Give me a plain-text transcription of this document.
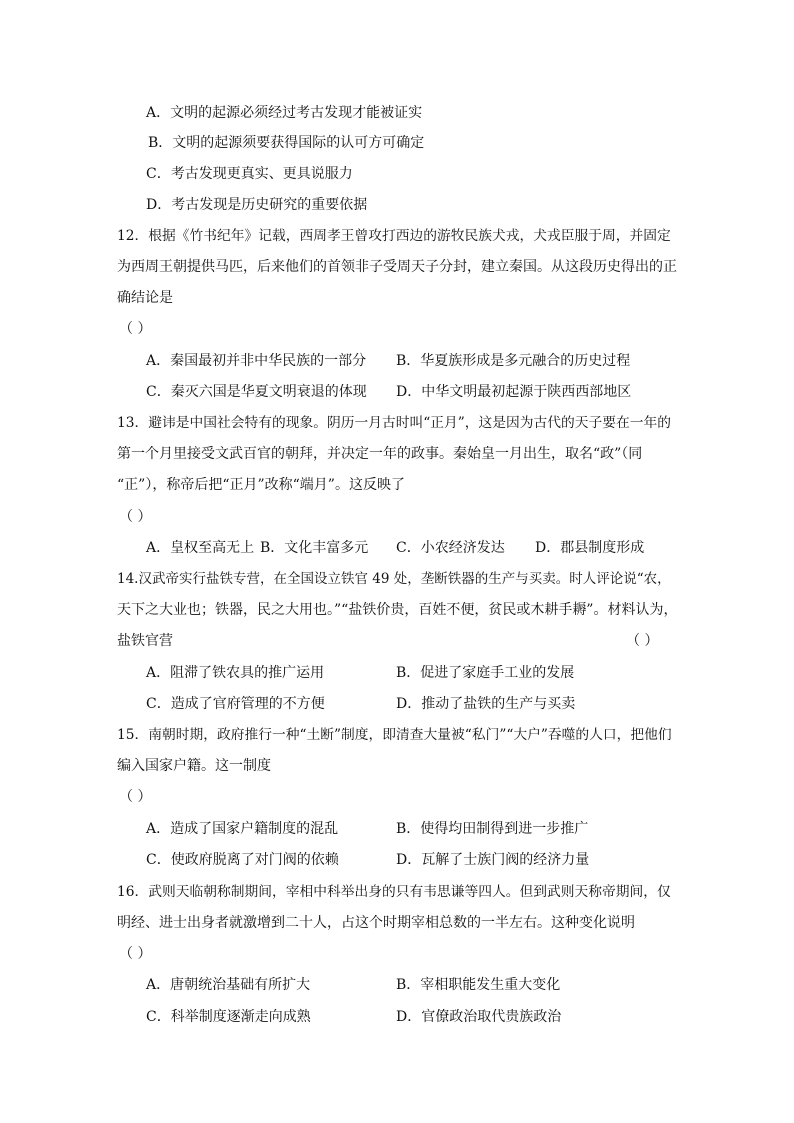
A．文明的起源必须经过考古发现才能被证实
B．文明的起源须要获得国际的认可方可确定
C．考古发现更真实、更具说服力
D．考古发现是历史研究的重要依据
12．根据《竹书纪年》记载，西周孝王曾攻打西边的游牧民族犬戎，犬戎臣服于周，并固定
为西周王朝提供马匹，后来他们的首领非子受周天子分封，建立秦国。从这段历史得出的正
确结论是
（ ）
A．秦国最初并非中华民族的一部分 B．华夏族形成是多元融合的历史过程
C．秦灭六国是华夏文明衰退的体现 D．中华文明最初起源于陕西西部地区
13．避讳是中国社会特有的现象。阴历一月古时叫“正月”，这是因为古代的天子要在一年的
第一个月里接受文武百官的朝拜，并决定一年的政事。秦始皇一月出生，取名“政”（同
“正”），称帝后把“正月”改称“端月”。这反映了
（ ）
A．皇权至高无上 B．文化丰富多元 C．小农经济发达 D．郡县制度形成
14.汉武帝实行盐铁专营，在全国设立铁官 49 处，垄断铁器的生产与买卖。时人评论说“农，
天下之大业也；铁器，民之大用也。”“盐铁价贵，百姓不便，贫民或木耕手耨”。材料认为，
盐铁官营	（ ）
A．阻滞了铁农具的推广运用	B．促进了家庭手工业的发展
C．造成了官府管理的不方便	D．推动了盐铁的生产与买卖
15．南朝时期，政府推行一种“土断”制度，即清查大量被“私门”“大户”吞噬的人口，把他们
编入国家户籍。这一制度
（ ）
A．造成了国家户籍制度的混乱	B．使得均田制得到进一步推广
C．使政府脱离了对门阀的依赖	D．瓦解了士族门阀的经济力量
16．武则天临朝称制期间，宰相中科举出身的只有韦思谦等四人。但到武则天称帝期间，仅
明经、进士出身者就激增到二十人，占这个时期宰相总数的一半左右。这种变化说明
（ ）
A．唐朝统治基础有所扩大	B．宰相职能发生重大变化
C．科举制度逐渐走向成熟	D．官僚政治取代贵族政治
